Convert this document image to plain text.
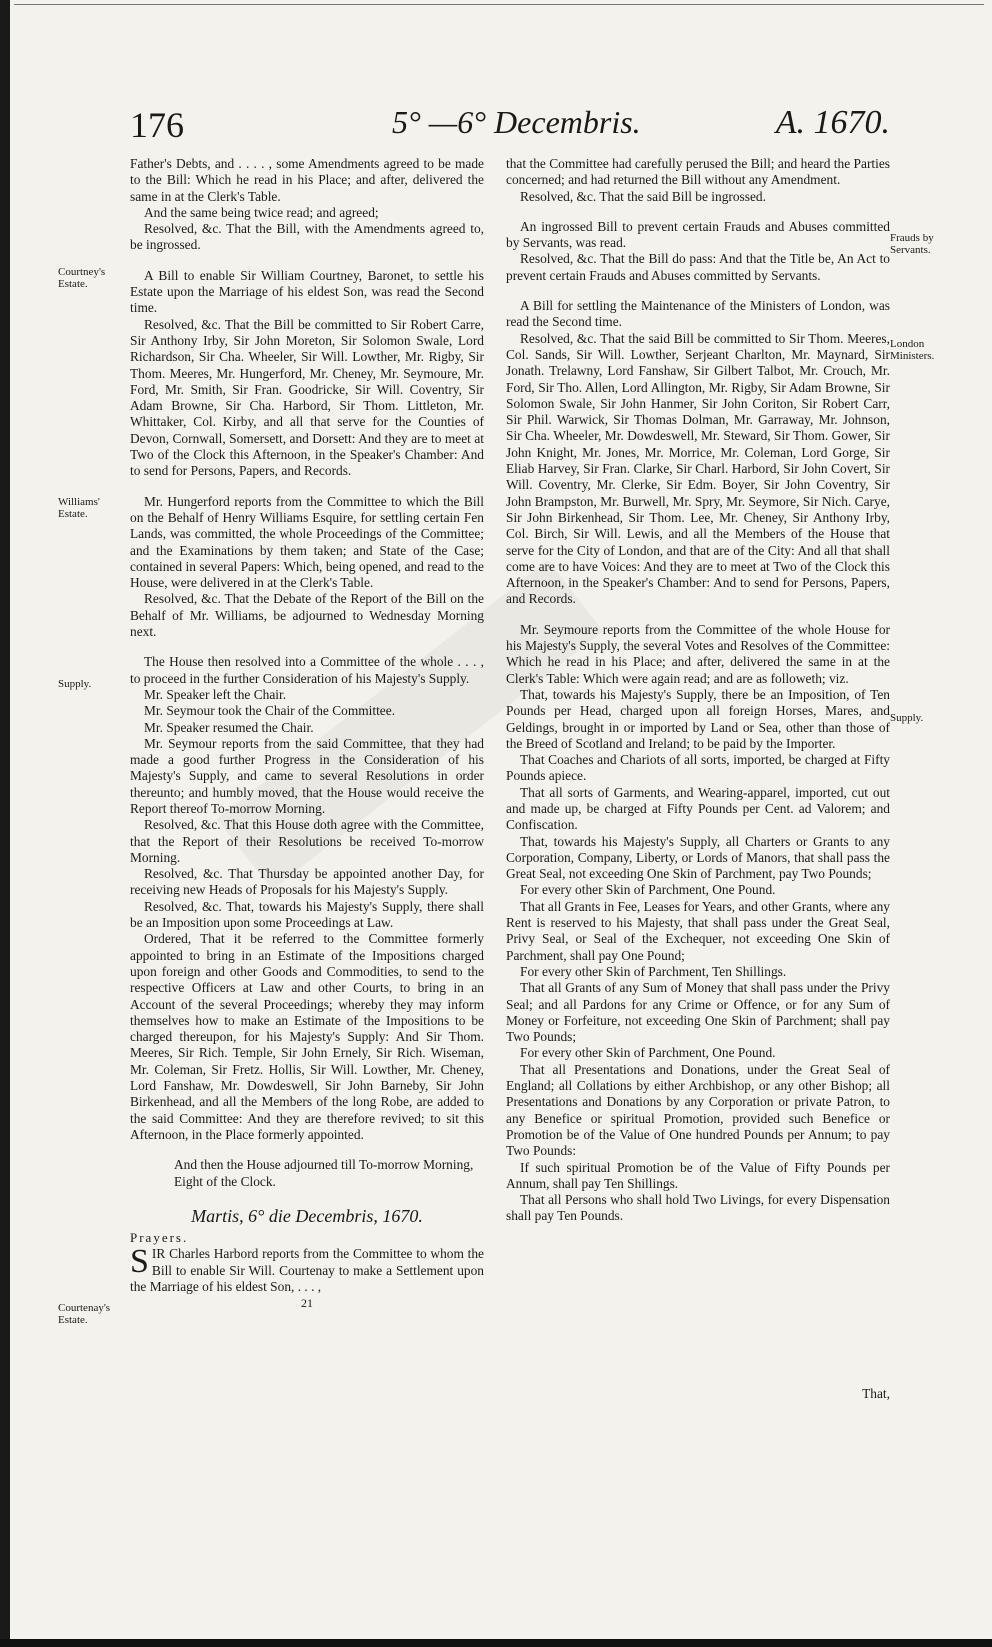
176	5° —6° Decembris.	A. 1670.
Courtney's Estate.
Williams' Estate.
Supply.
Courtenay's Estate.
Frauds by Servants.
London Ministers.
Supply.

Father's Debts, and . . . . , some Amendments agreed to be made to the Bill: Which he read in his Place; and after, delivered the same in at the Clerk's Table.

And the same being twice read; and agreed;

Resolved, &c. That the Bill, with the Amendments agreed to, be ingrossed.

A Bill to enable Sir William Courtney, Baronet, to settle his Estate upon the Marriage of his eldest Son, was read the Second time.

Resolved, &c. That the Bill be committed to Sir Robert Carre, Sir Anthony Irby, Sir John Moreton, Sir Solomon Swale, Lord Richardson, Sir Cha. Wheeler, Sir Will. Lowther, Mr. Rigby, Sir Thom. Meeres, Mr. Hungerford, Mr. Cheney, Mr. Seymoure, Mr. Ford, Mr. Smith, Sir Fran. Goodricke, Sir Will. Coventry, Sir Adam Browne, Sir Cha. Harbord, Sir Thom. Littleton, Mr. Whittaker, Col. Kirby, and all that serve for the Counties of Devon, Cornwall, Somersett, and Dorsett: And they are to meet at Two of the Clock this Afternoon, in the Speaker's Chamber: And to send for Persons, Papers, and Records.

Mr. Hungerford reports from the Committee to which the Bill on the Behalf of Henry Williams Esquire, for settling certain Fen Lands, was committed, the whole Proceedings of the Committee; and the Examinations by them taken; and State of the Case; contained in several Papers: Which, being opened, and read to the House, were delivered in at the Clerk's Table.

Resolved, &c. That the Debate of the Report of the Bill on the Behalf of Mr. Williams, be adjourned to Wednesday Morning next.

The House then resolved into a Committee of the whole . . . , to proceed in the further Consideration of his Majesty's Supply.

Mr. Speaker left the Chair.

Mr. Seymour took the Chair of the Committee.

Mr. Speaker resumed the Chair.

Mr. Seymour reports from the said Committee, that they had made a good further Progress in the Consideration of his Majesty's Supply, and came to several Resolutions in order thereunto; and humbly moved, that the House would receive the Report thereof To-morrow Morning.

Resolved, &c. That this House doth agree with the Committee, that the Report of their Resolutions be received To-morrow Morning.

Resolved, &c. That Thursday be appointed another Day, for receiving new Heads of Proposals for his Majesty's Supply.

Resolved, &c. That, towards his Majesty's Supply, there shall be an Imposition upon some Proceedings at Law.

Ordered, That it be referred to the Committee formerly appointed to bring in an Estimate of the Impositions charged upon foreign and other Goods and Commodities, to send to the respective Officers at Law and other Courts, to bring in an Account of the several Proceedings; whereby they may inform themselves how to make an Estimate of the Impositions to be charged thereupon, for his Majesty's Supply: And Sir Thom. Meeres, Sir Rich. Temple, Sir John Ernely, Sir Rich. Wiseman, Mr. Coleman, Sir Fretz. Hollis, Sir Will. Lowther, Mr. Cheney, Lord Fanshaw, Mr. Dowdeswell, Sir John Barneby, Sir John Birkenhead, and all the Members of the long Robe, are added to the said Committee: And they are therefore revived; to sit this Afternoon, in the Place formerly appointed.

And then the House adjourned till To-morrow Morning, Eight of the Clock.

Martis, 6° die Decembris, 1670.

Prayers.

SIR Charles Harbord reports from the Committee to whom the Bill to enable Sir Will. Courtenay to make a Settlement upon the Marriage of his eldest Son, . . . ,

21

that the Committee had carefully perused the Bill; and heard the Parties concerned; and had returned the Bill without any Amendment.

Resolved, &c. That the said Bill be ingrossed.

An ingrossed Bill to prevent certain Frauds and Abuses committed by Servants, was read.

Resolved, &c. That the Bill do pass: And that the Title be, An Act to prevent certain Frauds and Abuses committed by Servants.

A Bill for settling the Maintenance of the Ministers of London, was read the Second time.

Resolved, &c. That the said Bill be committed to Sir Thom. Meeres, Col. Sands, Sir Will. Lowther, Serjeant Charlton, Mr. Maynard, Sir Jonath. Trelawny, Lord Fanshaw, Sir Gilbert Talbot, Mr. Crouch, Mr. Ford, Sir Tho. Allen, Lord Allington, Mr. Rigby, Sir Adam Browne, Sir Solomon Swale, Sir John Hanmer, Sir John Coriton, Sir Robert Carr, Sir Phil. Warwick, Sir Thomas Dolman, Mr. Garraway, Mr. Johnson, Sir Cha. Wheeler, Mr. Dowdeswell, Mr. Steward, Sir Thom. Gower, Sir John Knight, Mr. Jones, Mr. Morrice, Mr. Coleman, Lord Gorge, Sir Eliab Harvey, Sir Fran. Clarke, Sir Charl. Harbord, Sir John Covert, Sir Will. Coventry, Mr. Clerke, Sir Edm. Boyer, Sir John Coventry, Sir John Brampston, Mr. Burwell, Mr. Spry, Mr. Seymore, Sir Nich. Carye, Sir John Birkenhead, Sir Thom. Lee, Mr. Cheney, Sir Anthony Irby, Col. Birch, Sir Will. Lewis, and all the Members of the House that serve for the City of London, and that are of the City: And all that shall come are to have Voices: And they are to meet at Two of the Clock this Afternoon, in the Speaker's Chamber: And to send for Persons, Papers, and Records.

Mr. Seymoure reports from the Committee of the whole House for his Majesty's Supply, the several Votes and Resolves of the Committee: Which he read in his Place; and after, delivered the same in at the Clerk's Table: Which were again read; and are as followeth; viz.

That, towards his Majesty's Supply, there be an Imposition, of Ten Pounds per Head, charged upon all foreign Horses, Mares, and Geldings, brought in or imported by Land or Sea, other than those of the Breed of Scotland and Ireland; to be paid by the Importer.

That Coaches and Chariots of all sorts, imported, be charged at Fifty Pounds apiece.

That all sorts of Garments, and Wearing-apparel, imported, cut out and made up, be charged at Fifty Pounds per Cent. ad Valorem; and Confiscation.

That, towards his Majesty's Supply, all Charters or Grants to any Corporation, Company, Liberty, or Lords of Manors, that shall pass the Great Seal, not exceeding One Skin of Parchment, pay Two Pounds;

For every other Skin of Parchment, One Pound.

That all Grants in Fee, Leases for Years, and other Grants, where any Rent is reserved to his Majesty, that shall pass under the Great Seal, Privy Seal, or Seal of the Exchequer, not exceeding One Skin of Parchment, shall pay One Pound;

For every other Skin of Parchment, Ten Shillings.

That all Grants of any Sum of Money that shall pass under the Privy Seal; and all Pardons for any Crime or Offence, or for any Sum of Money or Forfeiture, not exceeding One Skin of Parchment; shall pay Two Pounds;

For every other Skin of Parchment, One Pound.

That all Presentations and Donations, under the Great Seal of England; all Collations by either Archbishop, or any other Bishop; all Presentations and Donations by any Corporation or private Patron, to any Benefice or spiritual Promotion, provided such Benefice or Promotion be of the Value of One hundred Pounds per Annum; to pay Two Pounds:

If such spiritual Promotion be of the Value of Fifty Pounds per Annum, shall pay Ten Shillings.

That all Persons who shall hold Two Livings, for every Dispensation shall pay Ten Pounds.

That,
